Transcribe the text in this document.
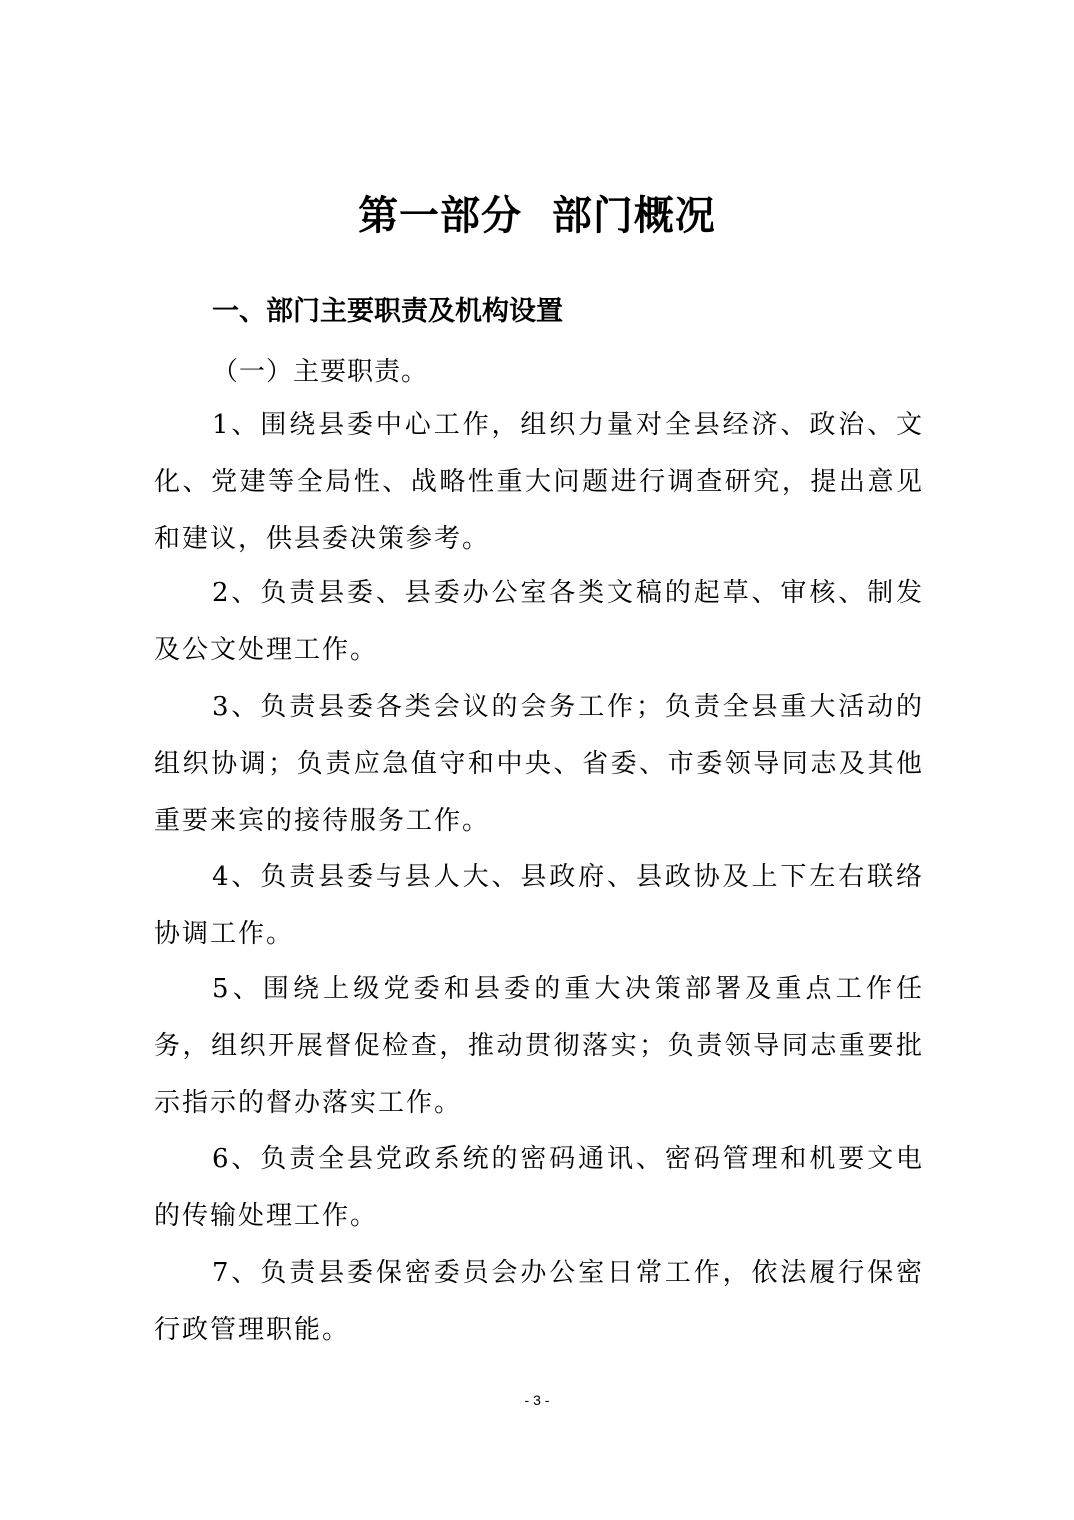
第一部分  部门概况
一、部门主要职责及机构设置
（一）主要职责。

1、围绕县委中心工作，组织力量对全县经济、政治、文化、党建等全局性、战略性重大问题进行调查研究，提出意见和建议，供县委决策参考。

2、负责县委、县委办公室各类文稿的起草、审核、制发及公文处理工作。

3、负责县委各类会议的会务工作；负责全县重大活动的组织协调；负责应急值守和中央、省委、市委领导同志及其他重要来宾的接待服务工作。

4、负责县委与县人大、县政府、县政协及上下左右联络协调工作。

5、围绕上级党委和县委的重大决策部署及重点工作任务，组织开展督促检查，推动贯彻落实；负责领导同志重要批示指示的督办落实工作。

6、负责全县党政系统的密码通讯、密码管理和机要文电的传输处理工作。

7、负责县委保密委员会办公室日常工作，依法履行保密行政管理职能。

- 3 -
